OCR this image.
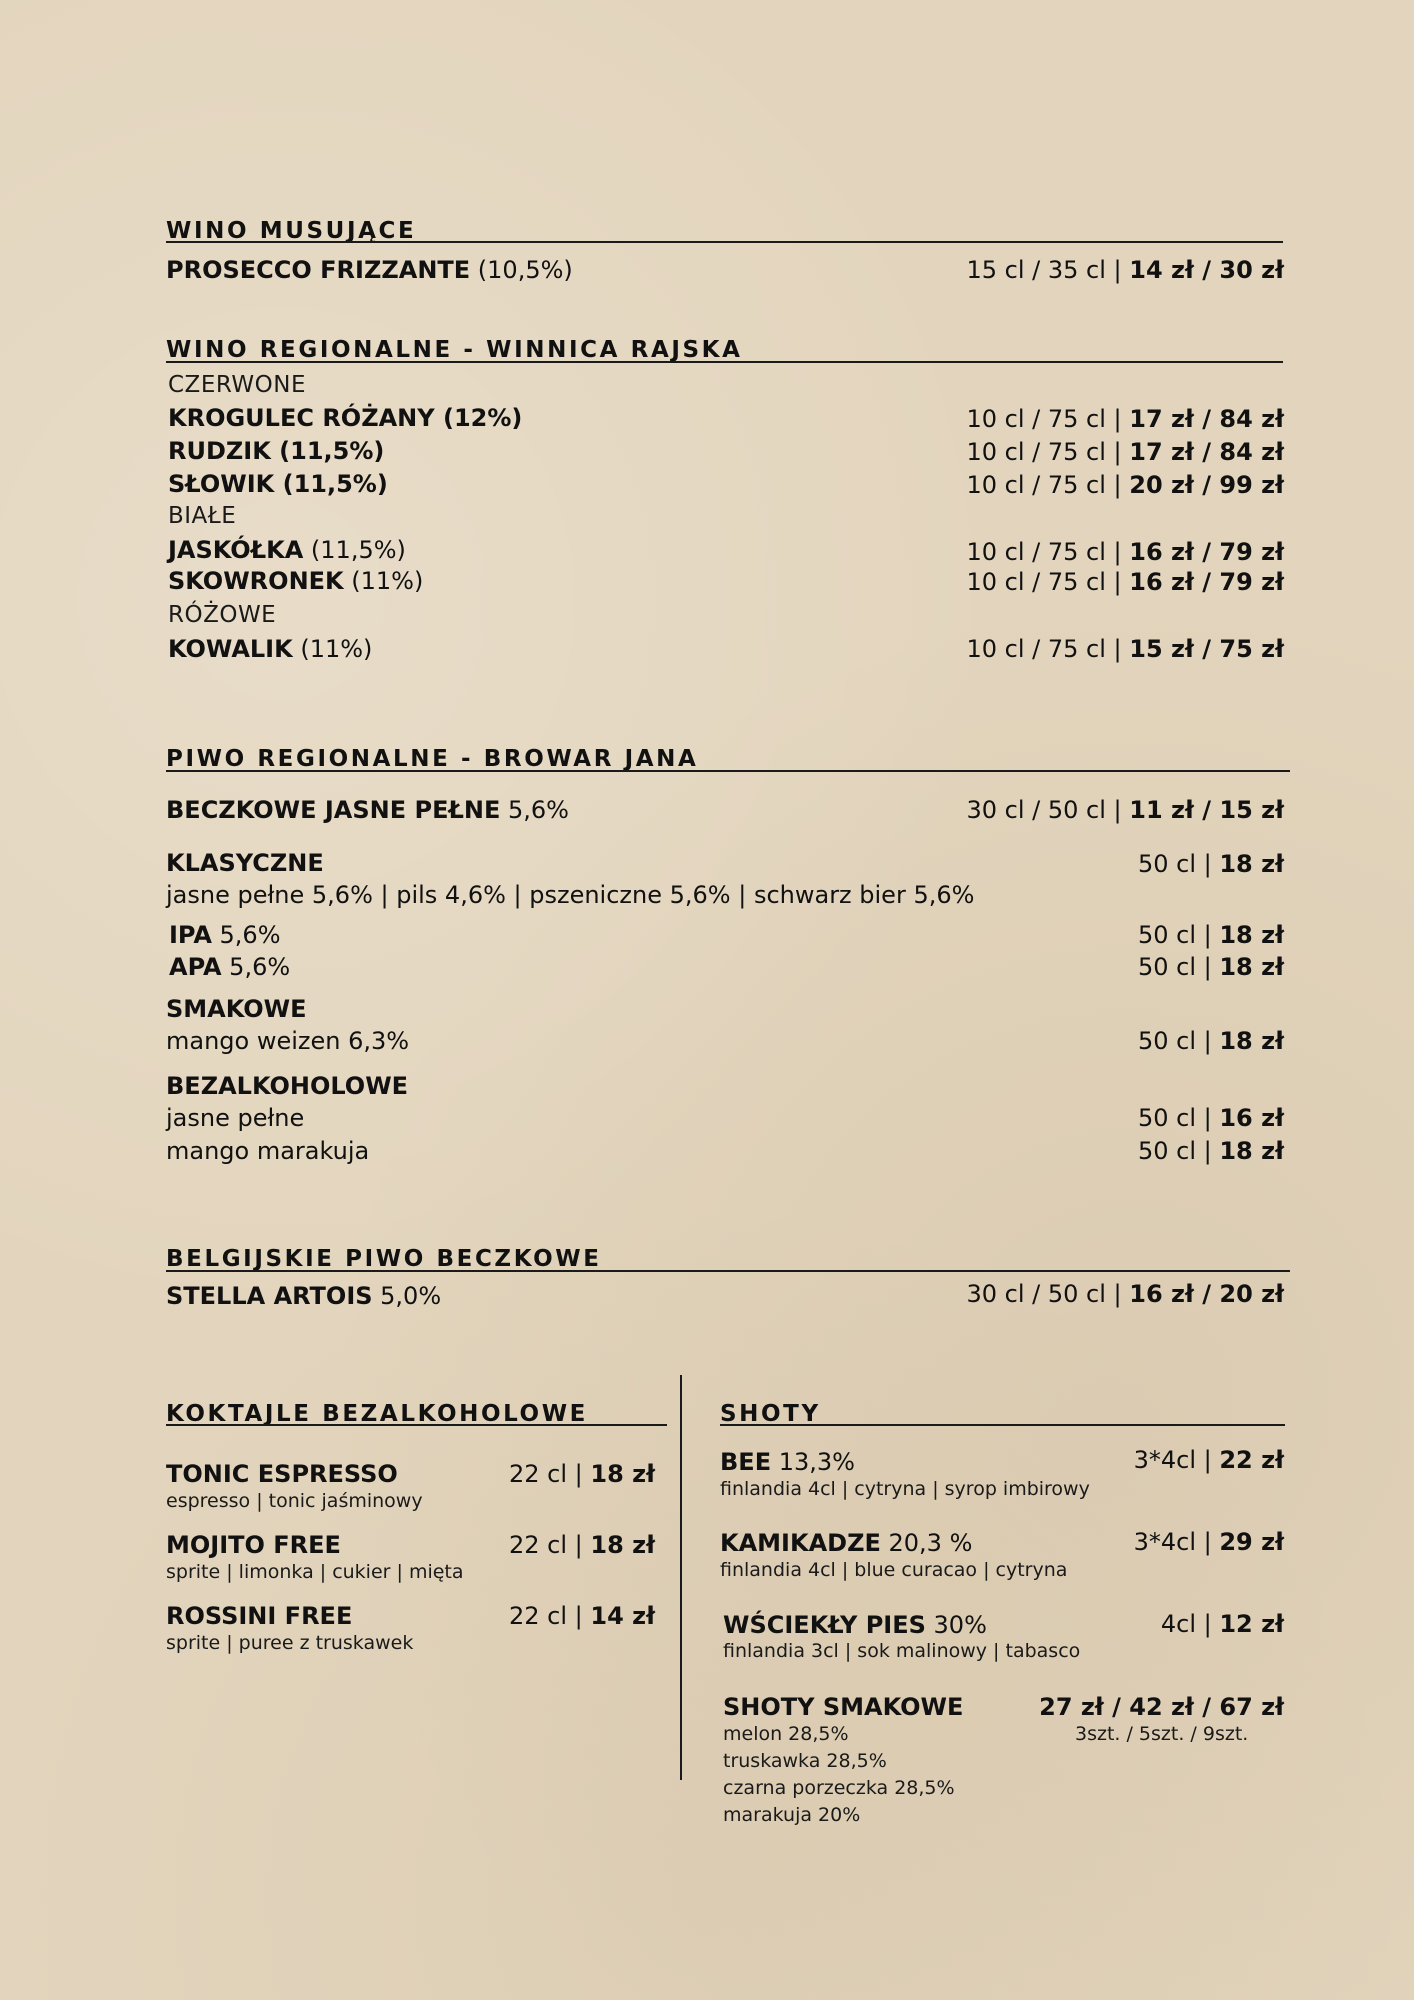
WINO MUSUJĄCE
PROSECCO FRIZZANTE (10,5%)	15 cl / 35 cl | 14 zł / 30 zł
WINO REGIONALNE - WINNICA RAJSKA
CZERWONE
KROGULEC RÓŻANY (12%)	10 cl / 75 cl | 17 zł / 84 zł
RUDZIK (11,5%)	10 cl / 75 cl | 17 zł / 84 zł
SŁOWIK (11,5%)	10 cl / 75 cl | 20 zł / 99 zł
BIAŁE
JASKÓŁKA (11,5%)	10 cl / 75 cl | 16 zł / 79 zł
SKOWRONEK (11%)	10 cl / 75 cl | 16 zł / 79 zł
RÓŻOWE
KOWALIK (11%)	10 cl / 75 cl | 15 zł / 75 zł
PIWO REGIONALNE - BROWAR JANA
BECZKOWE JASNE PEŁNE 5,6%	30 cl / 50 cl | 11 zł / 15 zł
KLASYCZNE	50 cl | 18 zł
jasne pełne 5,6% | pils 4,6% | pszeniczne 5,6% | schwarz bier 5,6%
IPA 5,6%	50 cl | 18 zł
APA 5,6%	50 cl | 18 zł
SMAKOWE
mango weizen 6,3%	50 cl | 18 zł
BEZALKOHOLOWE
jasne pełne	50 cl | 16 zł
mango marakuja	50 cl | 18 zł
BELGIJSKIE PIWO BECZKOWE
STELLA ARTOIS 5,0%	30 cl / 50 cl | 16 zł / 20 zł
KOKTAJLE BEZALKOHOLOWE
TONIC ESPRESSO	22 cl | 18 zł
espresso | tonic jaśminowy
MOJITO FREE	22 cl | 18 zł
sprite | limonka | cukier | mięta
ROSSINI FREE	22 cl | 14 zł
sprite | puree z truskawek
SHOTY
BEE 13,3%	3*4cl | 22 zł
finlandia 4cl | cytryna | syrop imbirowy
KAMIKADZE 20,3 %	3*4cl | 29 zł
finlandia 4cl | blue curacao | cytryna
WŚCIEKŁY PIES 30%	4cl | 12 zł
finlandia 3cl | sok malinowy | tabasco
SHOTY SMAKOWE	27 zł / 42 zł / 67 zł
3szt. / 5szt. / 9szt.
melon 28,5%
truskawka 28,5%
czarna porzeczka 28,5%
marakuja 20%
